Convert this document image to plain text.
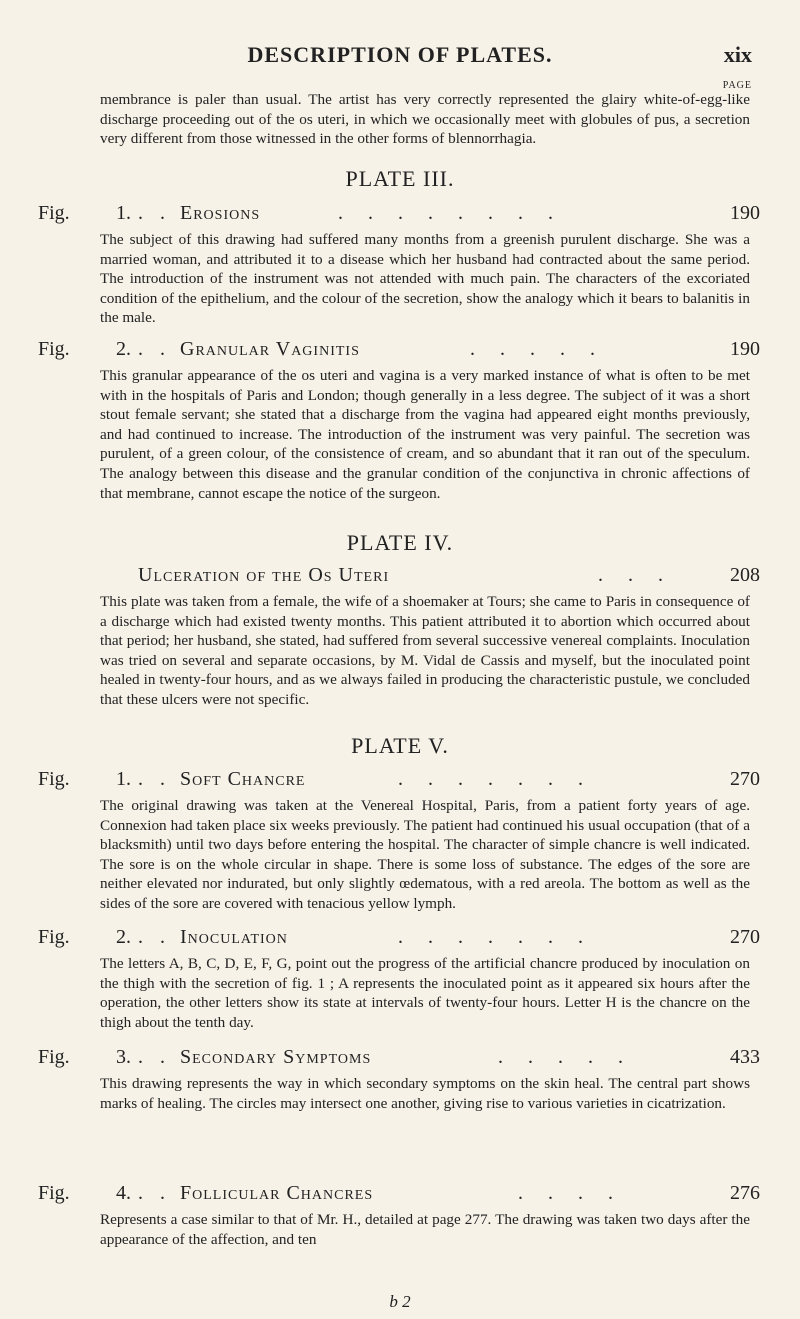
DESCRIPTION OF PLATES.	xix
PAGE
membrance is paler than usual. The artist has very correctly represented the glairy white-of-egg-like discharge proceeding out of the os uteri, in which we occasionally meet with globules of pus, a secretion very different from those witnessed in the other forms of blennorrhagia.
PLATE III.
Fig. 1. . . Erosions	. . . . . . . .	190
The subject of this drawing had suffered many months from a greenish purulent discharge. She was a married woman, and attributed it to a disease which her husband had contracted about the same period. The introduction of the instrument was not attended with much pain. The characters of the excoriated condition of the epithelium, and the colour of the secretion, show the analogy which it bears to balanitis in the male.
Fig. 2. . . Granular Vaginitis	. . . . .	190
This granular appearance of the os uteri and vagina is a very marked instance of what is often to be met with in the hospitals of Paris and London; though generally in a less degree. The subject of it was a short stout female servant; she stated that a discharge from the vagina had appeared eight months previously, and had continued to increase. The introduction of the instrument was very painful. The secretion was purulent, of a green colour, of the consistence of cream, and so abundant that it ran out of the speculum. The analogy between this disease and the granular condition of the conjunctiva in chronic affections of that membrane, cannot escape the notice of the surgeon.
PLATE IV.
Ulceration of the Os Uteri	. . .	208
This plate was taken from a female, the wife of a shoemaker at Tours; she came to Paris in consequence of a discharge which had existed twenty months. This patient attributed it to abortion which occurred about that period; her husband, she stated, had suffered from several successive venereal complaints. Inoculation was tried on several and separate occasions, by M. Vidal de Cassis and myself, but the inoculated point healed in twenty-four hours, and as we always failed in producing the characteristic pustule, we concluded that these ulcers were not specific.
PLATE V.
Fig. 1. . . Soft Chancre	. . . . . . .	270
The original drawing was taken at the Venereal Hospital, Paris, from a patient forty years of age. Connexion had taken place six weeks previously. The patient had continued his usual occupation (that of a blacksmith) until two days before entering the hospital. The character of simple chancre is well indicated. The sore is on the whole circular in shape. There is some loss of substance. The edges of the sore are neither elevated nor indurated, but only slightly œdematous, with a red areola. The bottom as well as the sides of the sore are covered with tenacious yellow lymph.
Fig. 2. . . Inoculation	. . . . . . .	270
The letters A, B, C, D, E, F, G, point out the progress of the artificial chancre produced by inoculation on the thigh with the secretion of fig. 1 ; A represents the inoculated point as it appeared six hours after the operation, the other letters show its state at intervals of twenty-four hours. Letter H is the chancre on the thigh about the tenth day.
Fig. 3. . . Secondary Symptoms	. . . . .	433
This drawing represents the way in which secondary symptoms on the skin heal. The central part shows marks of healing. The circles may intersect one another, giving rise to various varieties in cicatrization.
Fig. 4. . . Follicular Chancres	. . . .	276
Represents a case similar to that of Mr. H., detailed at page 277. The drawing was taken two days after the appearance of the affection, and ten
b 2
